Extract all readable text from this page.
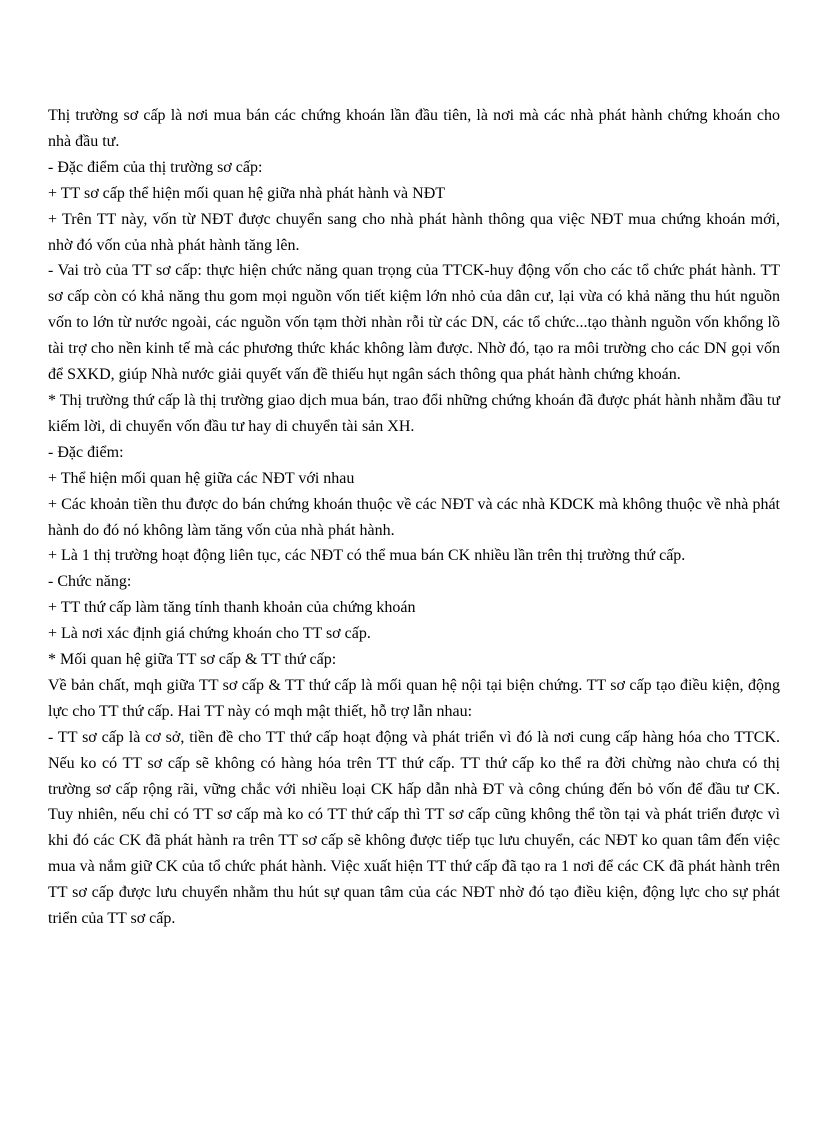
Thị trường sơ cấp là nơi mua bán các chứng khoán lần đầu tiên, là nơi mà các nhà phát hành chứng khoán cho nhà đầu tư.

- Đặc điểm của thị trường sơ cấp:

+ TT sơ cấp thể hiện mối quan hệ giữa nhà phát hành và NĐT

+ Trên TT này, vốn từ NĐT được chuyển sang cho nhà phát hành thông qua việc NĐT mua chứng khoán mới, nhờ đó vốn của nhà phát hành tăng lên.

- Vai trò của TT sơ cấp: thực hiện chức năng quan trọng của TTCK-huy động vốn cho các tổ chức phát hành. TT sơ cấp còn có khả năng thu gom mọi nguồn vốn tiết kiệm lớn nhỏ của dân cư, lại vừa có khả năng thu hút nguồn vốn to lớn từ nước ngoài, các nguồn vốn tạm thời nhàn rỗi từ các DN, các tổ chức...tạo thành nguồn vốn khổng lồ tài trợ cho nền kinh tế mà các phương thức khác không làm được. Nhờ đó, tạo ra môi trường cho các DN gọi vốn để SXKD, giúp Nhà nước giải quyết vấn đề thiếu hụt ngân sách thông qua phát hành chứng khoán.

* Thị trường thứ cấp là thị trường giao dịch mua bán, trao đổi những chứng khoán đã được phát hành nhằm đầu tư kiếm lời, di chuyển vốn đầu tư hay di chuyển tài sản XH.

- Đặc điểm:

+ Thể hiện mối quan hệ giữa các NĐT với nhau

+ Các khoản tiền thu được do bán chứng khoán thuộc về các NĐT và các nhà KDCK mà không thuộc về nhà phát hành do đó nó không làm tăng vốn của nhà phát hành.

+ Là 1 thị trường hoạt động liên tục, các NĐT có thể mua bán CK nhiều lần trên thị trường thứ cấp.

- Chức năng:

+ TT thứ cấp làm tăng tính thanh khoản của chứng khoán

+ Là nơi xác định giá chứng khoán cho TT sơ cấp.

* Mối quan hệ giữa TT sơ cấp & TT thứ cấp:

Về bản chất, mqh giữa TT sơ cấp & TT thứ cấp là mối quan hệ nội tại biện chứng. TT sơ cấp tạo điều kiện, động lực cho TT thứ cấp. Hai TT này có mqh mật thiết, hỗ trợ lẫn nhau:

- TT sơ cấp là cơ sở, tiền đề cho TT thứ cấp hoạt động và phát triển vì đó là nơi cung cấp hàng hóa cho TTCK. Nếu ko có TT sơ cấp sẽ không có hàng hóa trên TT thứ cấp. TT thứ cấp ko thể ra đời chừng nào chưa có thị trường sơ cấp rộng rãi, vững chắc với nhiều loại CK hấp dẫn nhà ĐT và công chúng đến bỏ vốn để đầu tư CK. Tuy nhiên, nếu chỉ có TT sơ cấp mà ko có TT thứ cấp thì TT sơ cấp cũng không thể tồn tại và phát triển được vì khi đó các CK đã phát hành ra trên TT sơ cấp sẽ không được tiếp tục lưu chuyển, các NĐT ko quan tâm đến việc mua và nắm giữ CK của tổ chức phát hành. Việc xuất hiện TT thứ cấp đã tạo ra 1 nơi để các CK đã phát hành trên TT sơ cấp được lưu chuyển nhằm thu hút sự quan tâm của các NĐT nhờ đó tạo điều kiện, động lực cho sự phát triển của TT sơ cấp.
